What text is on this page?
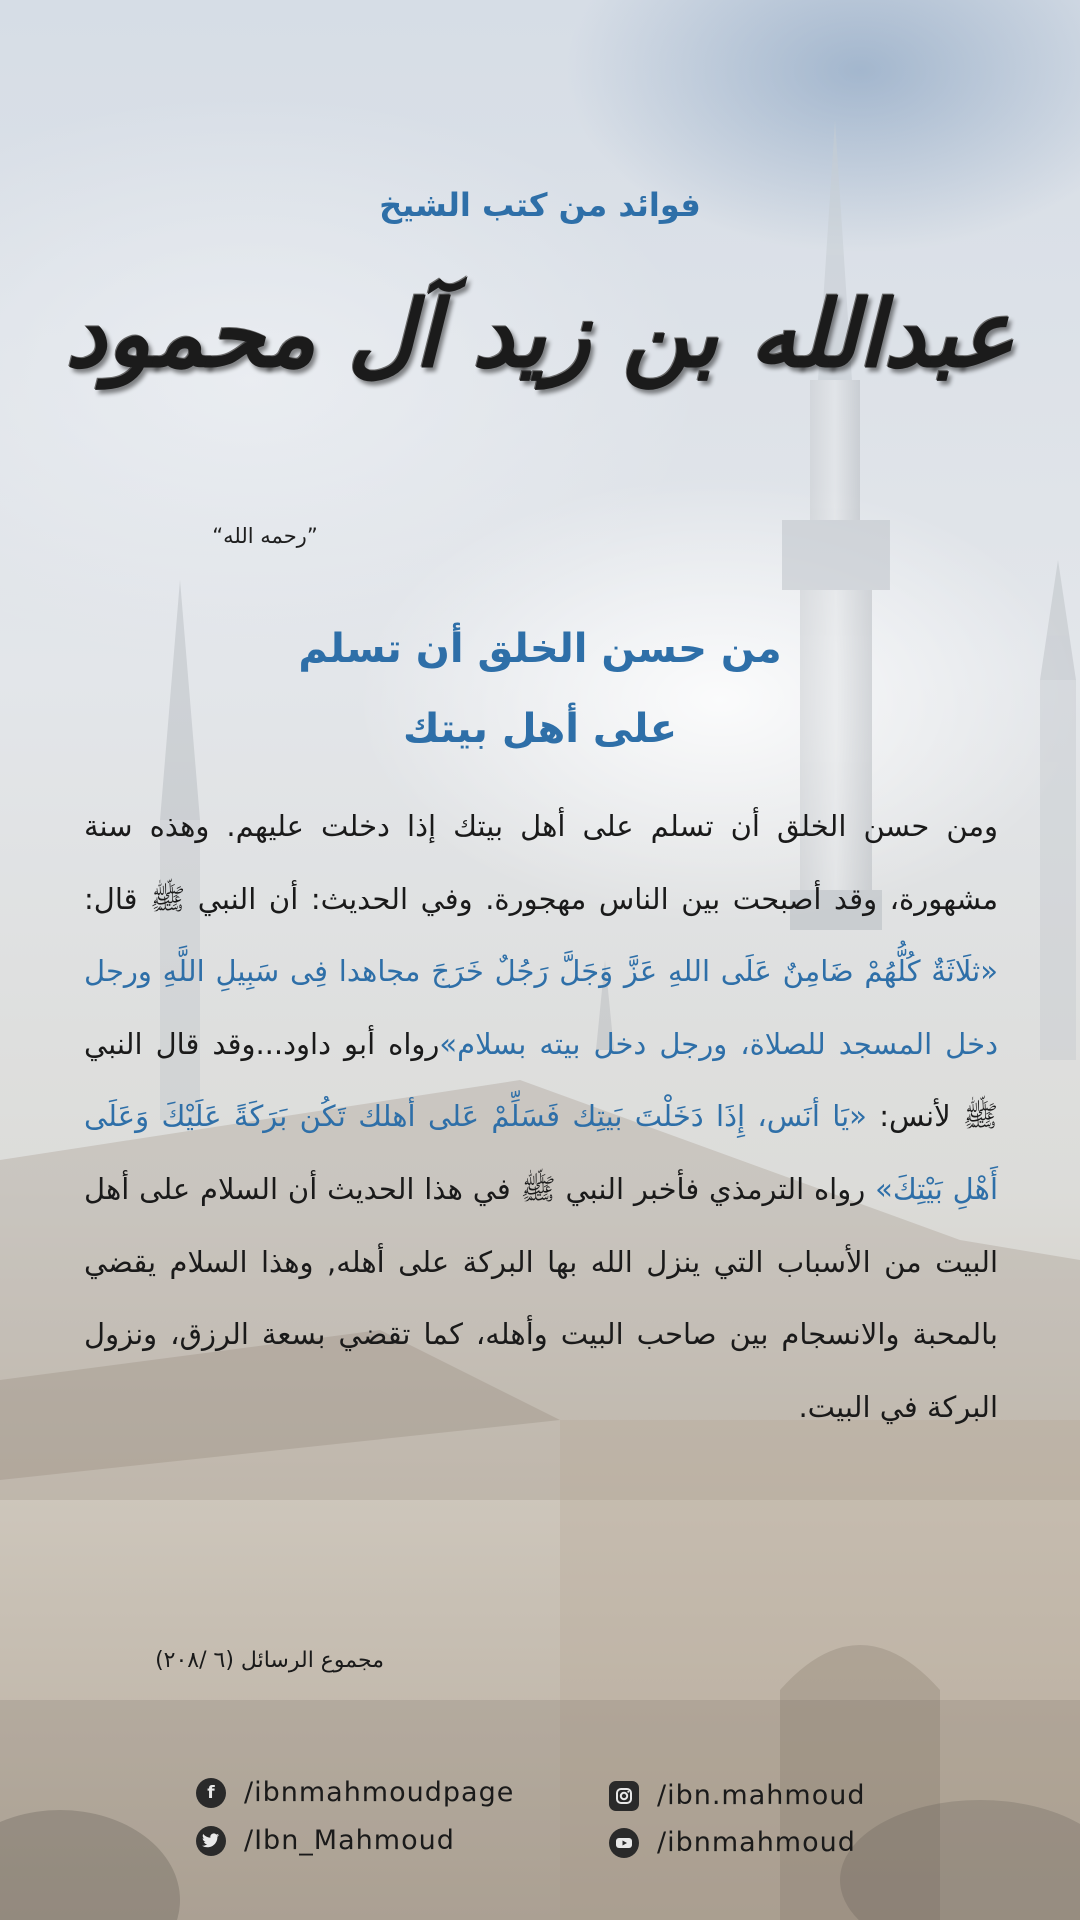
فوائد من كتب الشيخ
عبدالله بن زيد آل محمود
”رحمه الله“
من حسن الخلق أن تسلم
على أهل بيتك
ومن حسن الخلق أن تسلم على أهل بيتك إذا دخلت عليهم. وهذه سنة مشهورة، وقد أصبحت بين الناس مهجورة. وفي الحديث: أن النبي ﷺ قال: «ثلَاثَةٌ كُلُّهُمْ ضَامِنٌ عَلَى اللهِ عَزَّ وَجَلَّ رَجُلٌ خَرَجَ مجاهدا فِى سَبِيلِ اللَّهِ ورجل دخل المسجد للصلاة، ورجل دخل بيته بسلام»رواه أبو داود...وقد قال النبي ﷺ لأنس: «يَا أنَس، إِذَا دَخَلْتَ بَيتِك فَسَلِّمْ عَلى أهلك تَكُن بَرَكَةً عَلَيْكَ وَعَلَى أَهْلِ بَيْتِكَ» رواه الترمذي فأخبر النبي ﷺ في هذا الحديث أن السلام على أهل البيت من الأسباب التي ينزل الله بها البركة على أهله, وهذا السلام يقضي بالمحبة والانسجام بين صاحب البيت وأهله، كما تقضي بسعة الرزق، ونزول البركة في البيت.
مجموع الرسائل (٦ /٢٠٨)
f	/ibnmahmoudpage
/Ibn_Mahmoud
/ibn.mahmoud
/ibnmahmoud
